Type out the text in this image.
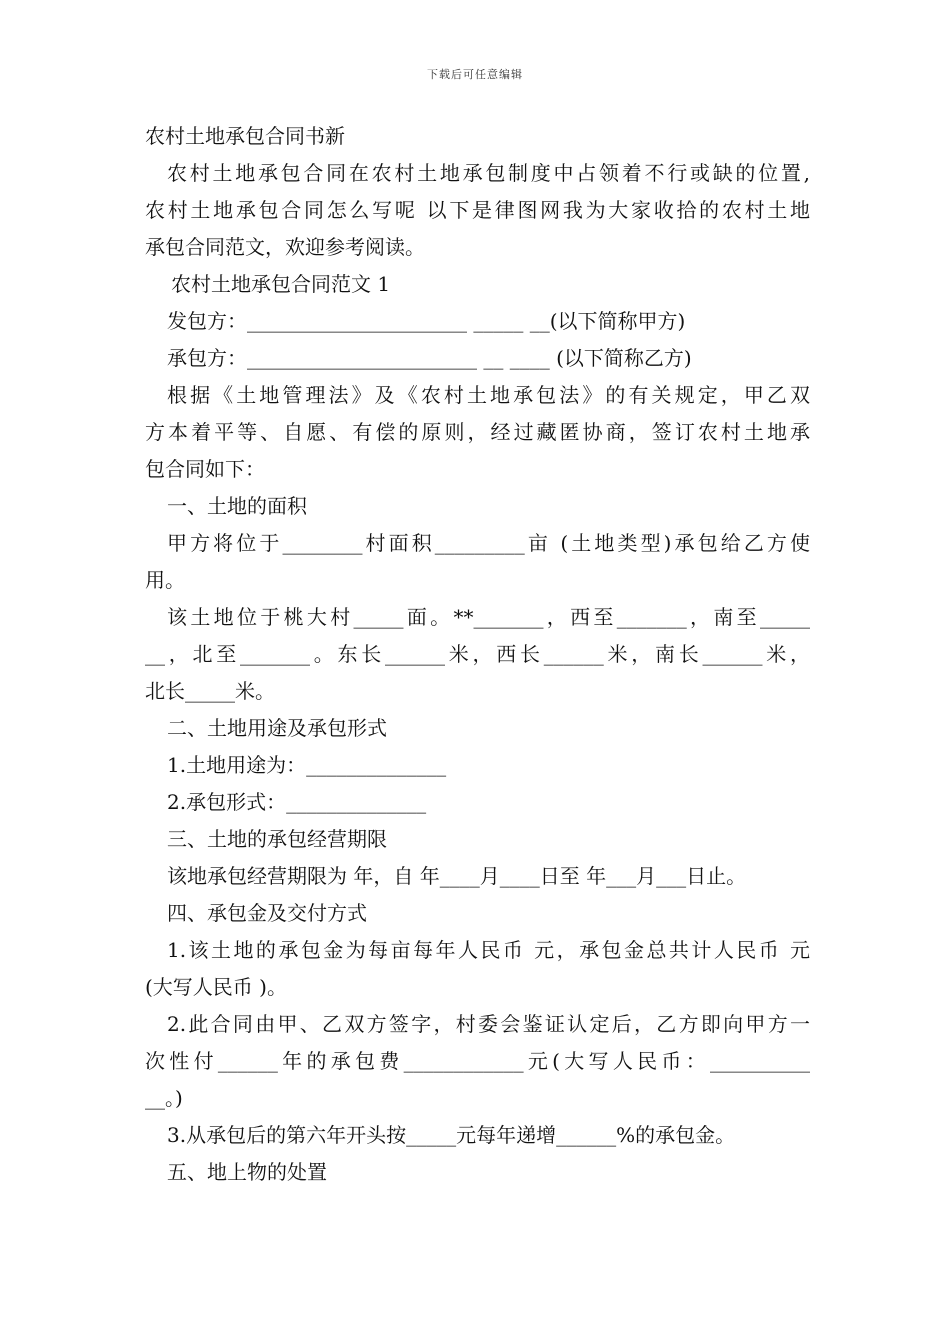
下载后可任意编辑
农村土地承包合同书新
农村土地承包合同在农村土地承包制度中占领着不行或缺的位置,
农村土地承包合同怎么写呢 以下是律图网我为大家收拾的农村土地
承包合同范文，欢迎参考阅读。
农村土地承包合同范文 1
发包方：______________________ _____ __(以下简称甲方)
承包方：_______________________ __ ____ (以下简称乙方)
根据《土地管理法》及《农村土地承包法》的有关规定，甲乙双
方本着平等、自愿、有偿的原则，经过藏匿协商，签订农村土地承
包合同如下：
一、土地的面积
甲方将位于________村面积_________亩 (土地类型)承包给乙方使
用。
该土地位于桃大村_____面。**_______，西至_______，南至_____
__，北至_______。东长______米，西长______米，南长______米，
北长_____米。
二、土地用途及承包形式
1.土地用途为：______________
2.承包形式：______________
三、土地的承包经营期限
该地承包经营期限为 年，自 年____月____日至 年___月___日止。
四、承包金及交付方式
1.该土地的承包金为每亩每年人民币 元，承包金总共计人民币 元
(大写人民币 )。
2.此合同由甲、乙双方签字，村委会鉴证认定后，乙方即向甲方一
次性付______年的承包费____________元(大写人民币：__________
__。)
3.从承包后的第六年开头按_____元每年递增______%的承包金。
五、地上物的处置
